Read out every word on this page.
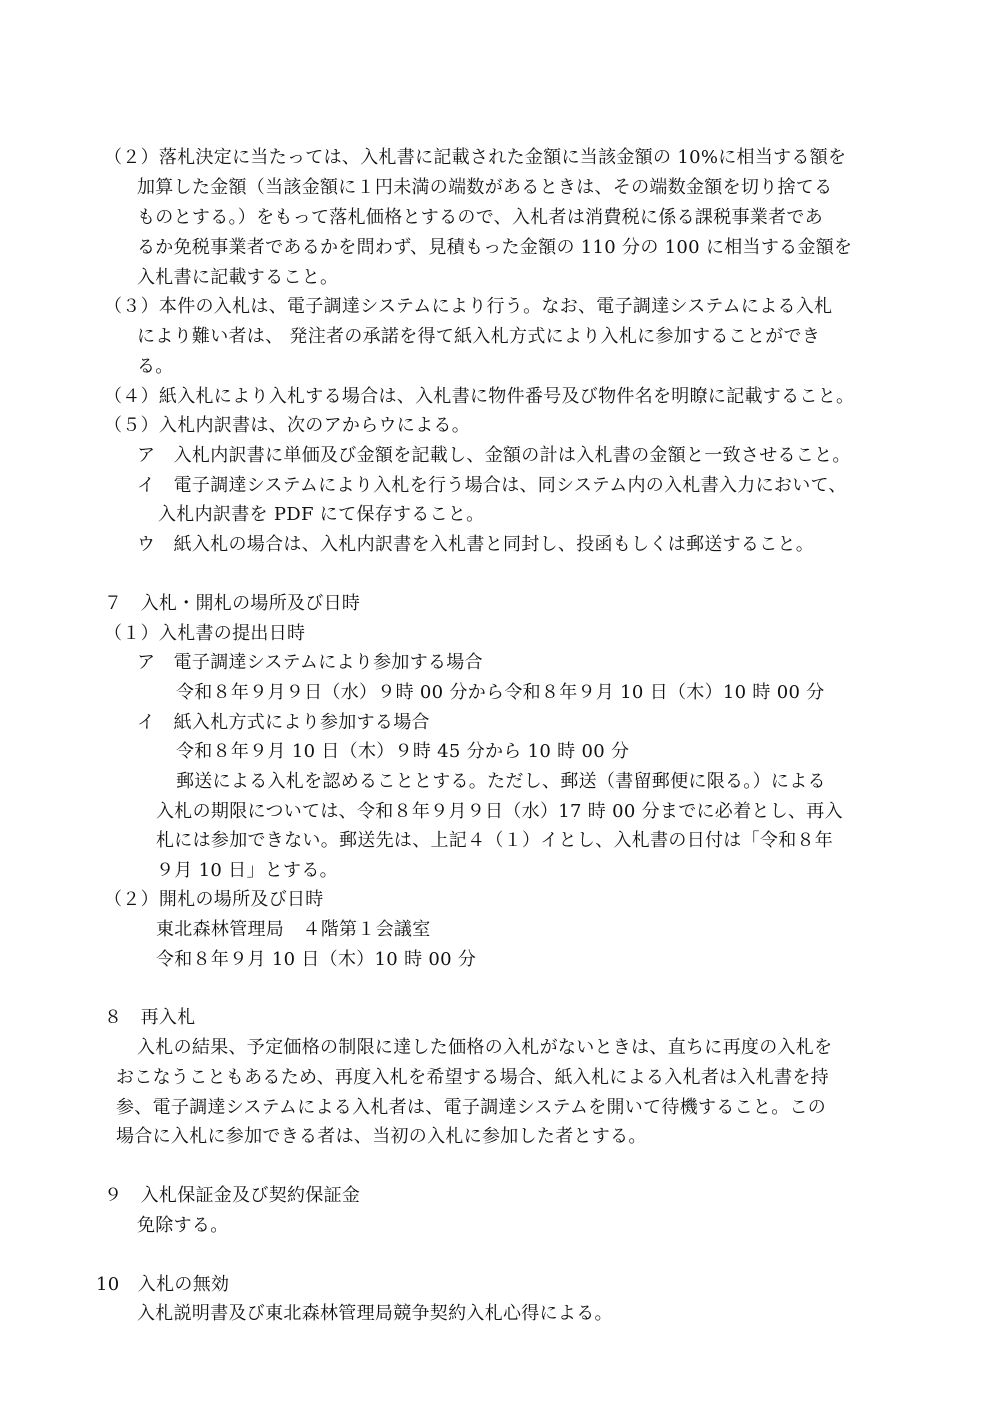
（２）落札決定に当たっては、入札書に記載された金額に当該金額の 10%に相当する額を
加算した金額（当該金額に１円未満の端数があるときは、その端数金額を切り捨てる
ものとする。）をもって落札価格とするので、入札者は消費税に係る課税事業者であ
るか免税事業者であるかを問わず、見積もった金額の 110 分の 100 に相当する金額を
入札書に記載すること。
（３）本件の入札は、電子調達システムにより行う。なお、電子調達システムによる入札
により難い者は、 発注者の承諾を得て紙入札方式により入札に参加することができ
る。
（４）紙入札により入札する場合は、入札書に物件番号及び物件名を明瞭に記載すること。
（５）入札内訳書は、次のアからウによる。
ア　入札内訳書に単価及び金額を記載し、金額の計は入札書の金額と一致させること。
イ　電子調達システムにより入札を行う場合は、同システム内の入札書入力において、
入札内訳書を PDF にて保存すること。
ウ　紙入札の場合は、入札内訳書を入札書と同封し、投函もしくは郵送すること。
７　入札・開札の場所及び日時
（１）入札書の提出日時
ア　電子調達システムにより参加する場合
令和８年９月９日（水）９時 00 分から令和８年９月 10 日（木）10 時 00 分
イ　紙入札方式により参加する場合
令和８年９月 10 日（木）９時 45 分から 10 時 00 分
郵送による入札を認めることとする。ただし、郵送（書留郵便に限る。）による
入札の期限については、令和８年９月９日（水）17 時 00 分までに必着とし、再入
札には参加できない。郵送先は、上記４（１）イとし、入札書の日付は「令和８年
９月 10 日」とする。
（２）開札の場所及び日時
東北森林管理局　４階第１会議室
令和８年９月 10 日（木）10 時 00 分
８　再入札
入札の結果、予定価格の制限に達した価格の入札がないときは、直ちに再度の入札を
おこなうこともあるため、再度入札を希望する場合、紙入札による入札者は入札書を持
参、電子調達システムによる入札者は、電子調達システムを開いて待機すること。この
場合に入札に参加できる者は、当初の入札に参加した者とする。
９　入札保証金及び契約保証金
免除する。
10　入札の無効
入札説明書及び東北森林管理局競争契約入札心得による。
